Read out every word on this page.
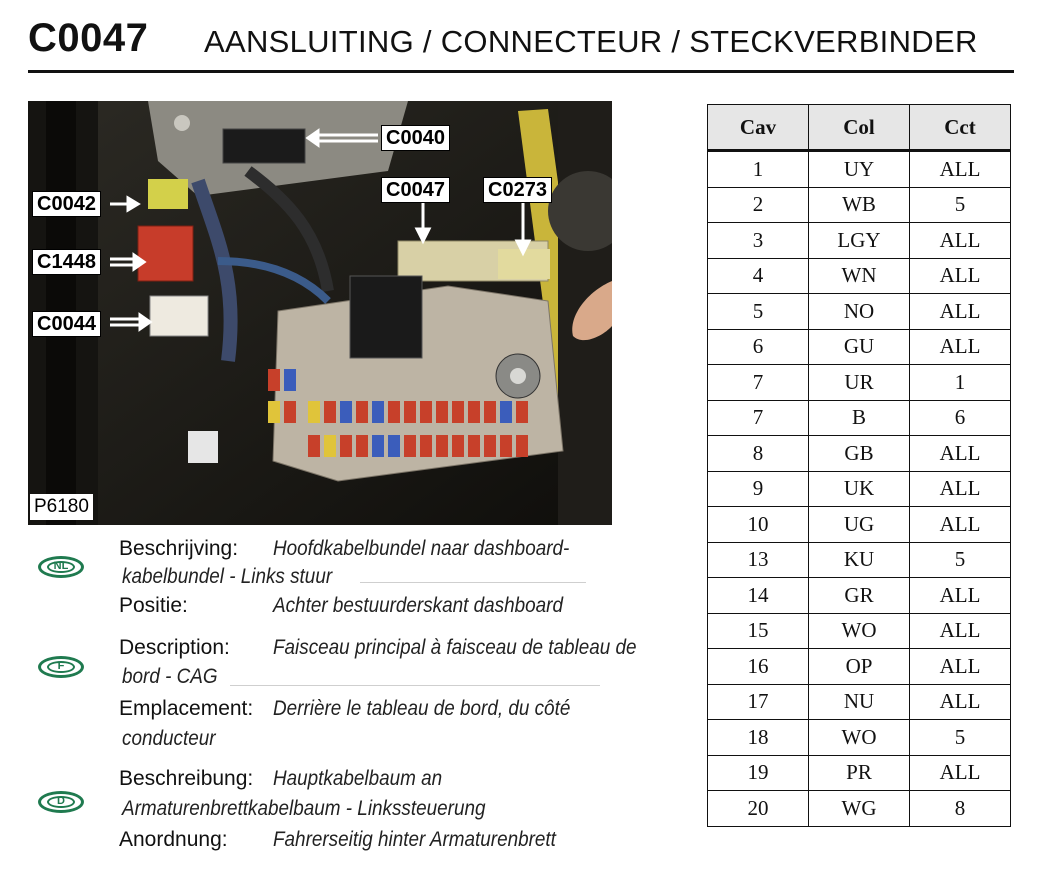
C0047 AANSLUITING / CONNECTEUR / STECKVERBINDER
C0040
C0047 C0273
C0042
C1448
C0044
P6180
NL
Beschrijving: Hoofdkabelbundel naar dashboard-
kabelbundel - Links stuur
Positie:	Achter bestuurderskant dashboard
F
Description: Faisceau principal à faisceau de tableau de
bord - CAG
Emplacement: Derrière le tableau de bord, du côté
conducteur
D
Beschreibung: Hauptkabelbaum an
Armaturenbrettkabelbaum - Linkssteuerung
Anordnung: Fahrerseitig hinter Armaturenbrett
Cav	Col	Cct
1	UY	ALL
2	WB	5
3	LGY	ALL
4	WN	ALL
5	NO	ALL
6	GU	ALL
7	UR	1
7	B	6
8	GB	ALL
9	UK	ALL
10	UG	ALL
13	KU	5
14	GR	ALL
15	WO	ALL
16	OP	ALL
17	NU	ALL
18	WO	5
19	PR	ALL
20	WG	8
